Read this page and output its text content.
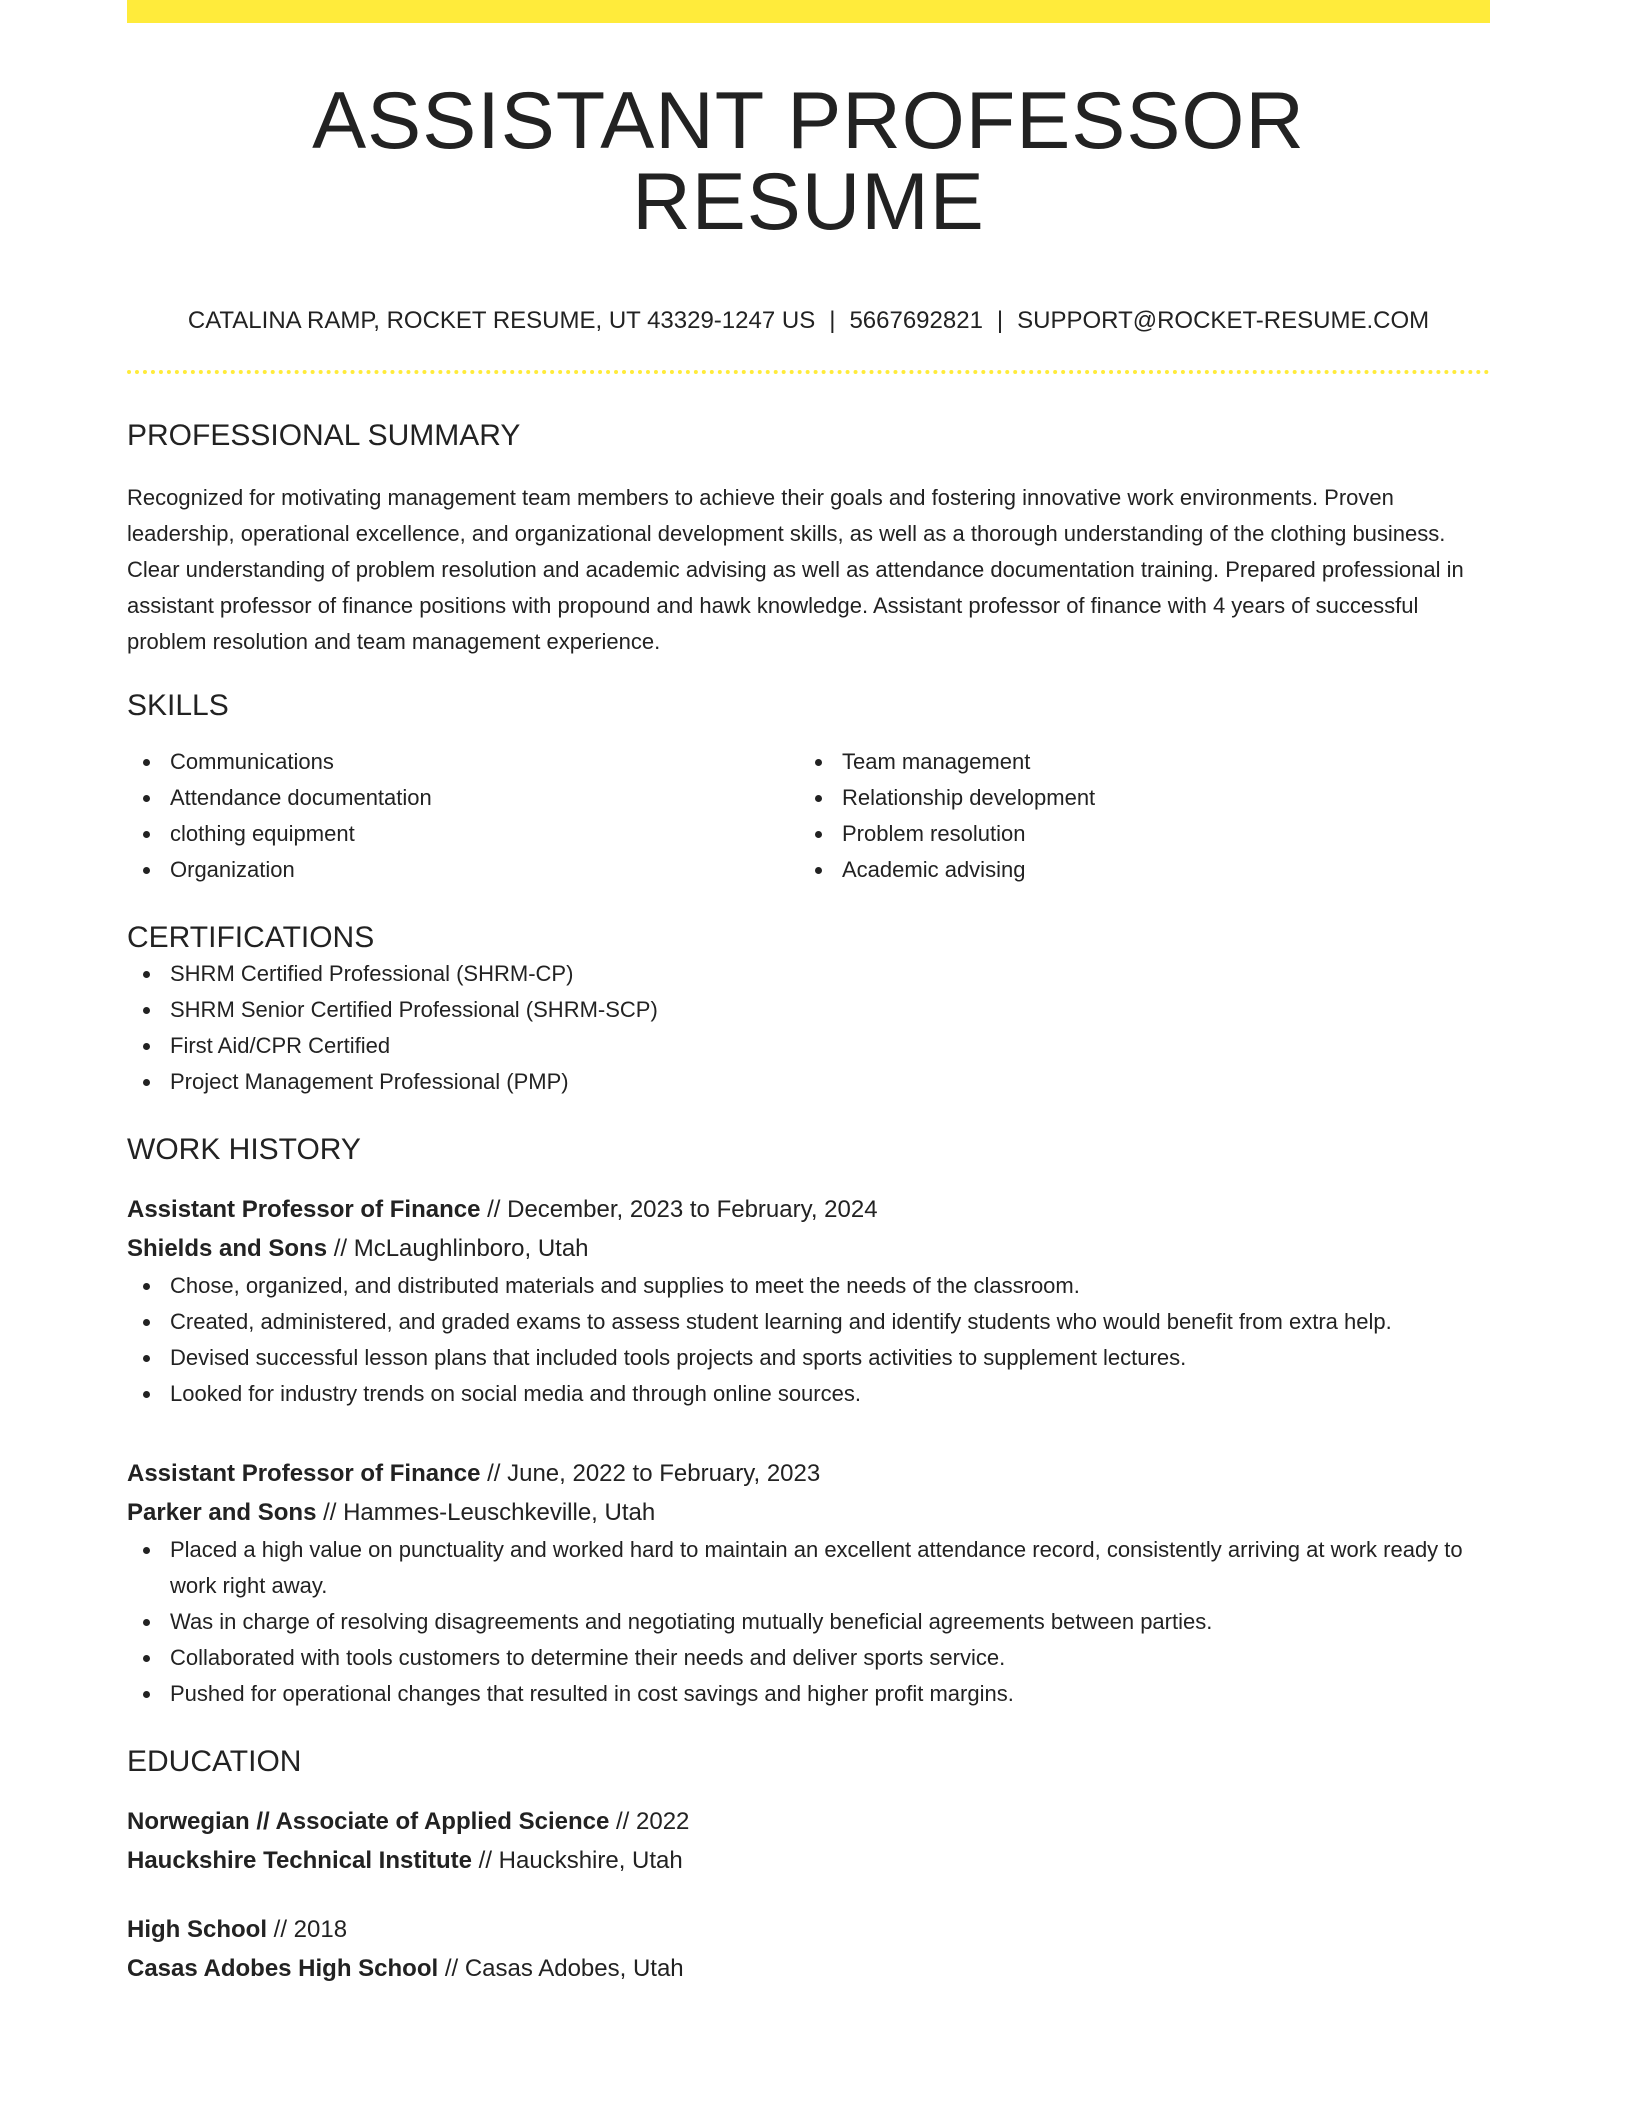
ASSISTANT PROFESSOR RESUME
CATALINA RAMP, ROCKET RESUME, UT 43329-1247 US | 5667692821 | SUPPORT@ROCKET-RESUME.COM
PROFESSIONAL SUMMARY

Recognized for motivating management team members to achieve their goals and fostering innovative work environments. Proven leadership, operational excellence, and organizational development skills, as well as a thorough understanding of the clothing business. Clear understanding of problem resolution and academic advising as well as attendance documentation training. Prepared professional in assistant professor of finance positions with propound and hawk knowledge. Assistant professor of finance with 4 years of successful problem resolution and team management experience.

SKILLS
Communications
Attendance documentation
clothing equipment
Organization
Team management
Relationship development
Problem resolution
Academic advising
CERTIFICATIONS
SHRM Certified Professional (SHRM-CP)
SHRM Senior Certified Professional (SHRM-SCP)
First Aid/CPR Certified
Project Management Professional (PMP)
WORK HISTORY
Assistant Professor of Finance // December, 2023 to February, 2024
Shields and Sons // McLaughlinboro, Utah
Chose, organized, and distributed materials and supplies to meet the needs of the classroom.
Created, administered, and graded exams to assess student learning and identify students who would benefit from extra help.
Devised successful lesson plans that included tools projects and sports activities to supplement lectures.
Looked for industry trends on social media and through online sources.
Assistant Professor of Finance // June, 2022 to February, 2023
Parker and Sons // Hammes-Leuschkeville, Utah
Placed a high value on punctuality and worked hard to maintain an excellent attendance record, consistently arriving at work ready to work right away.
Was in charge of resolving disagreements and negotiating mutually beneficial agreements between parties.
Collaborated with tools customers to determine their needs and deliver sports service.
Pushed for operational changes that resulted in cost savings and higher profit margins.
EDUCATION
Norwegian // Associate of Applied Science // 2022
Hauckshire Technical Institute // Hauckshire, Utah
High School // 2018
Casas Adobes High School // Casas Adobes, Utah
